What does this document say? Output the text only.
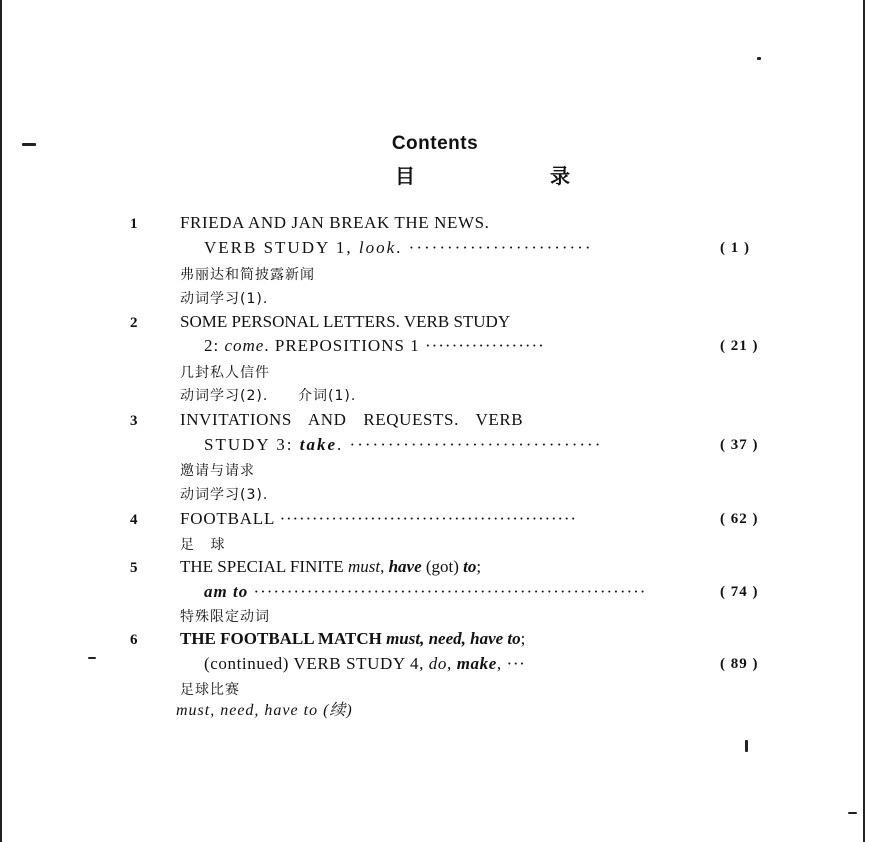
Contents
目 录
1	FRIEDA AND JAN BREAK THE NEWS.
VERB STUDY 1, look. ························	( 1 )
弗丽达和简披露新闻
动词学习(1).
2	SOME PERSONAL LETTERS. VERB STUDY
2: come. PREPOSITIONS 1 ··················	( 21 )
几封私人信件
动词学习(2). 介词(1).
3	INVITATIONS AND REQUESTS. VERB
STUDY 3: take. ·································	( 37 )
邀请与请求
动词学习(3).
4	FOOTBALL ··············································	( 62 )
足 球
5	THE SPECIAL FINITE must, have (got) to;
am to ···························································	( 74 )
特殊限定动词
6	THE FOOTBALL MATCH must, need, have to;
(continued) VERB STUDY 4, do, make, ···	( 89 )
足球比赛
must, need, have to (续)
